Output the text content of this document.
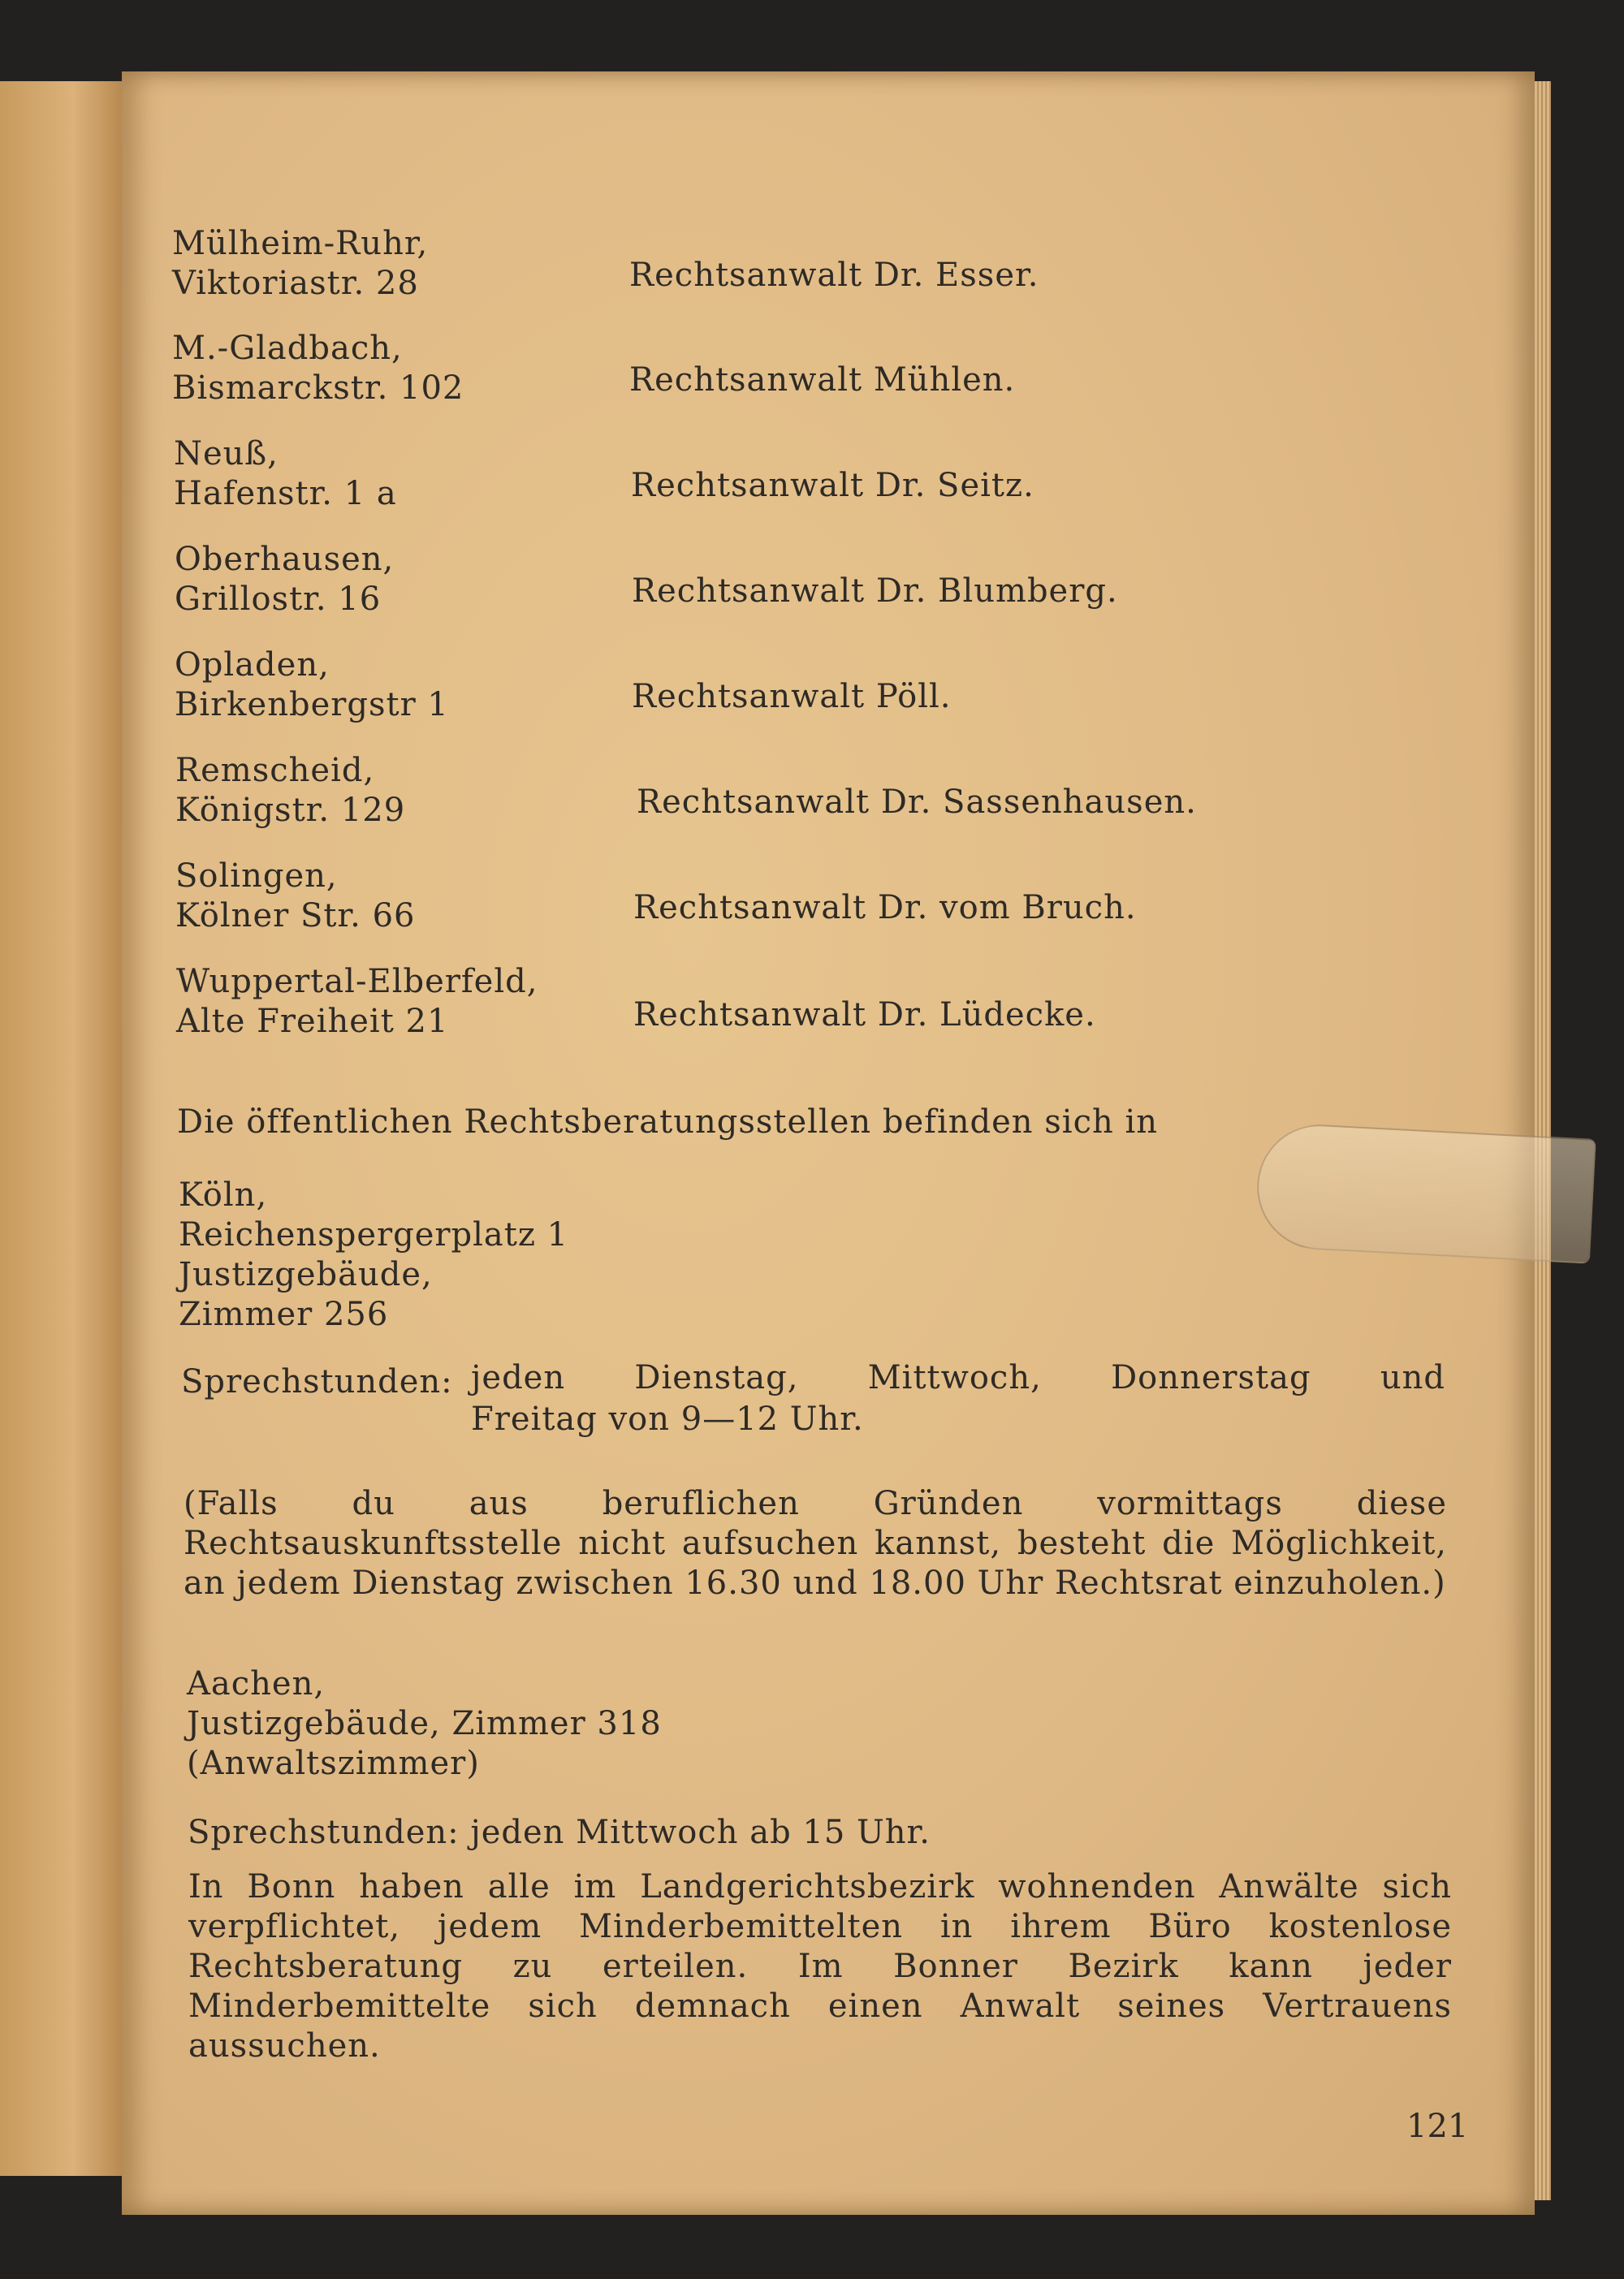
Mülheim-Ruhr,
Viktoriastr. 28	Rechtsanwalt Dr. Esser.
M.-Gladbach,
Bismarckstr. 102	Rechtsanwalt Mühlen.
Neuß,
Hafenstr. 1 a	Rechtsanwalt Dr. Seitz.
Oberhausen,
Grillostr. 16	Rechtsanwalt Dr. Blumberg.
Opladen,
Birkenbergstr 1	Rechtsanwalt Pöll.
Remscheid,
Königstr. 129	Rechtsanwalt Dr. Sassenhausen.
Solingen,
Kölner Str. 66	Rechtsanwalt Dr. vom Bruch.
Wuppertal-Elberfeld,
Alte Freiheit 21	Rechtsanwalt Dr. Lüdecke.
Die öffentlichen Rechtsberatungsstellen befinden sich in
Köln,
Reichenspergerplatz 1
Justizgebäude,
Zimmer 256
Sprechstunden: jeden Dienstag, Mittwoch, Donnerstag und
Freitag von 9—12 Uhr.
(Falls du aus beruflichen Gründen vormittags diese Rechtsauskunftsstelle nicht aufsuchen kannst, besteht die Möglichkeit, an jedem Dienstag zwischen 16.30 und 18.00 Uhr Rechtsrat einzuholen.)
Aachen,
Justizgebäude, Zimmer 318
(Anwaltszimmer)
Sprechstunden: jeden Mittwoch ab 15 Uhr.
In Bonn haben alle im Landgerichtsbezirk wohnenden Anwälte sich verpflichtet, jedem Minderbemittelten in ihrem Büro kostenlose Rechtsberatung zu erteilen. Im Bonner Bezirk kann jeder Minderbemittelte sich demnach einen Anwalt seines Vertrauens aussuchen.
121
